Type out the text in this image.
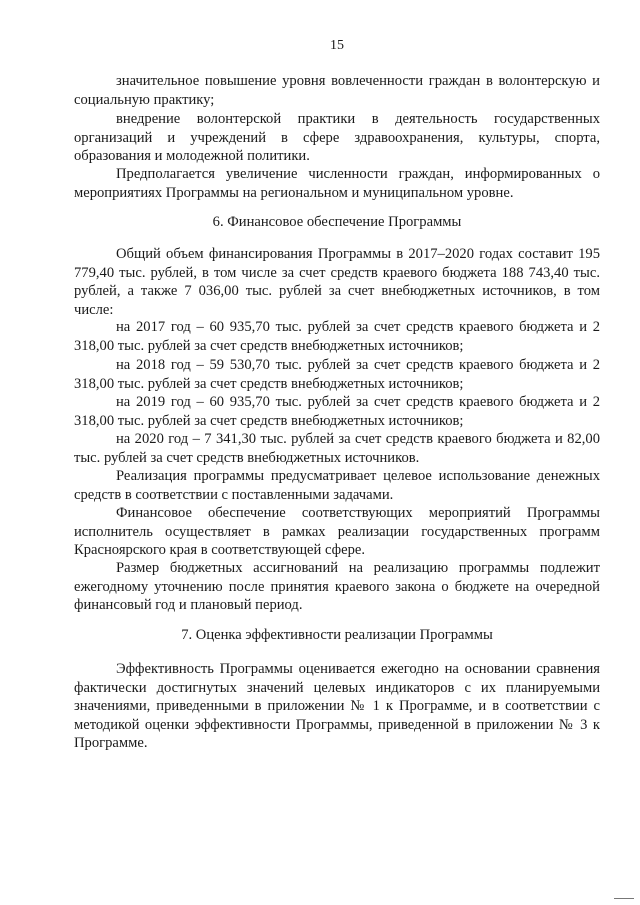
15

значительное повышение уровня вовлеченности граждан в волонтерскую и социальную практику;

внедрение волонтерской практики в деятельность государственных организаций и учреждений в сфере здравоохранения, культуры, спорта, образования и молодежной политики.

Предполагается увеличение численности граждан, информированных о мероприятиях Программы на региональном и муниципальном уровне.

6. Финансовое обеспечение Программы

Общий объем финансирования Программы в 2017–2020 годах составит 195 779,40 тыс. рублей, в том числе за счет средств краевого бюджета 188 743,40 тыс. рублей, а также 7 036,00 тыс. рублей за счет внебюджетных источников, в том числе:

на 2017 год – 60 935,70 тыс. рублей за счет средств краевого бюджета и 2 318,00 тыс. рублей за счет средств внебюджетных источников;

на 2018 год – 59 530,70 тыс. рублей за счет средств краевого бюджета и 2 318,00 тыс. рублей за счет средств внебюджетных источников;

на 2019 год – 60 935,70 тыс. рублей за счет средств краевого бюджета и 2 318,00 тыс. рублей за счет средств внебюджетных источников;

на 2020 год – 7 341,30 тыс. рублей за счет средств краевого бюджета и 82,00 тыс. рублей за счет средств внебюджетных источников.

Реализация программы предусматривает целевое использование денежных средств в соответствии с поставленными задачами.

Финансовое обеспечение соответствующих мероприятий Программы исполнитель осуществляет в рамках реализации государственных программ Красноярского края в соответствующей сфере.

Размер бюджетных ассигнований на реализацию программы подлежит ежегодному уточнению после принятия краевого закона о бюджете на очередной финансовый год и плановый период.

7. Оценка эффективности реализации Программы

Эффективность Программы оценивается ежегодно на основании сравнения фактически достигнутых значений целевых индикаторов с их планируемыми значениями, приведенными в приложении № 1 к Программе, и в соответствии с методикой оценки эффективности Программы, приведенной в приложении № 3 к Программе.
